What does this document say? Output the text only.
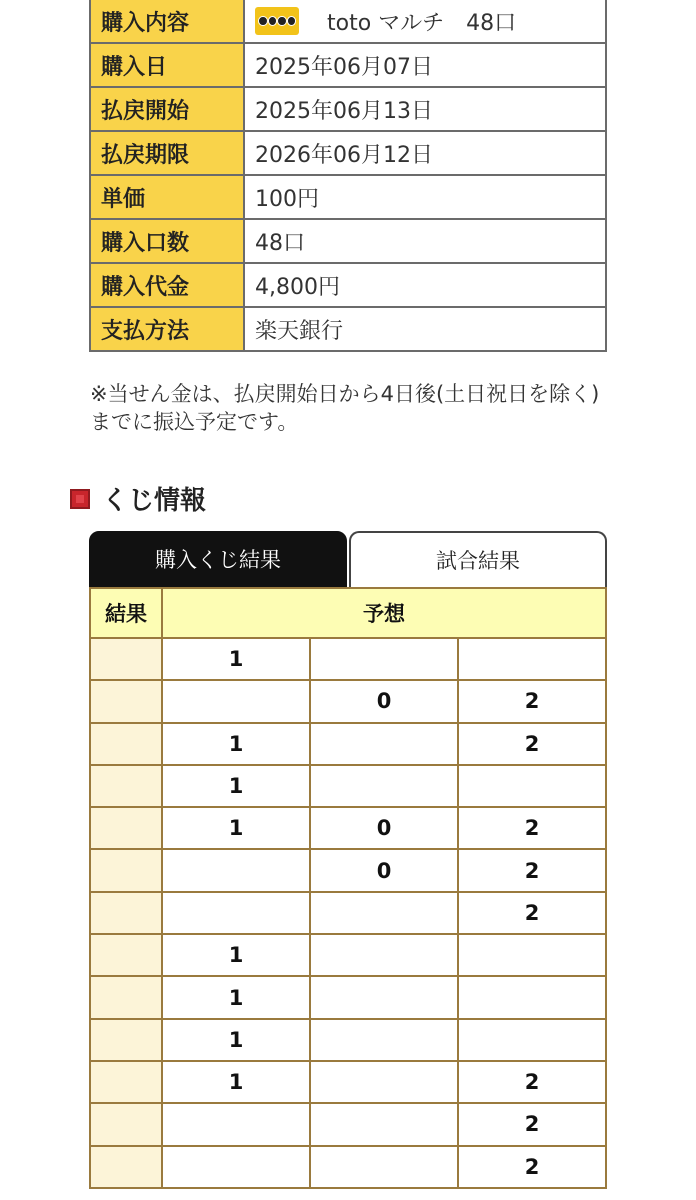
購入内容	toto マルチ　48口
購入日	2025年06月07日
払戻開始	2025年06月13日
払戻期限	2026年06月12日
単価	100円
購入口数	48口
購入代金	4,800円
支払方法	楽天銀行

※当せん金は、払戻開始日から4日後(土日祝日を除く)までに振込予定です。

くじ情報
購入くじ結果	試合結果
結果	予想		
	1		
		0	2
	1		2
	1		
	1	0	2
		0	2
			2
	1		
	1		
	1		
	1		2
			2
			2
